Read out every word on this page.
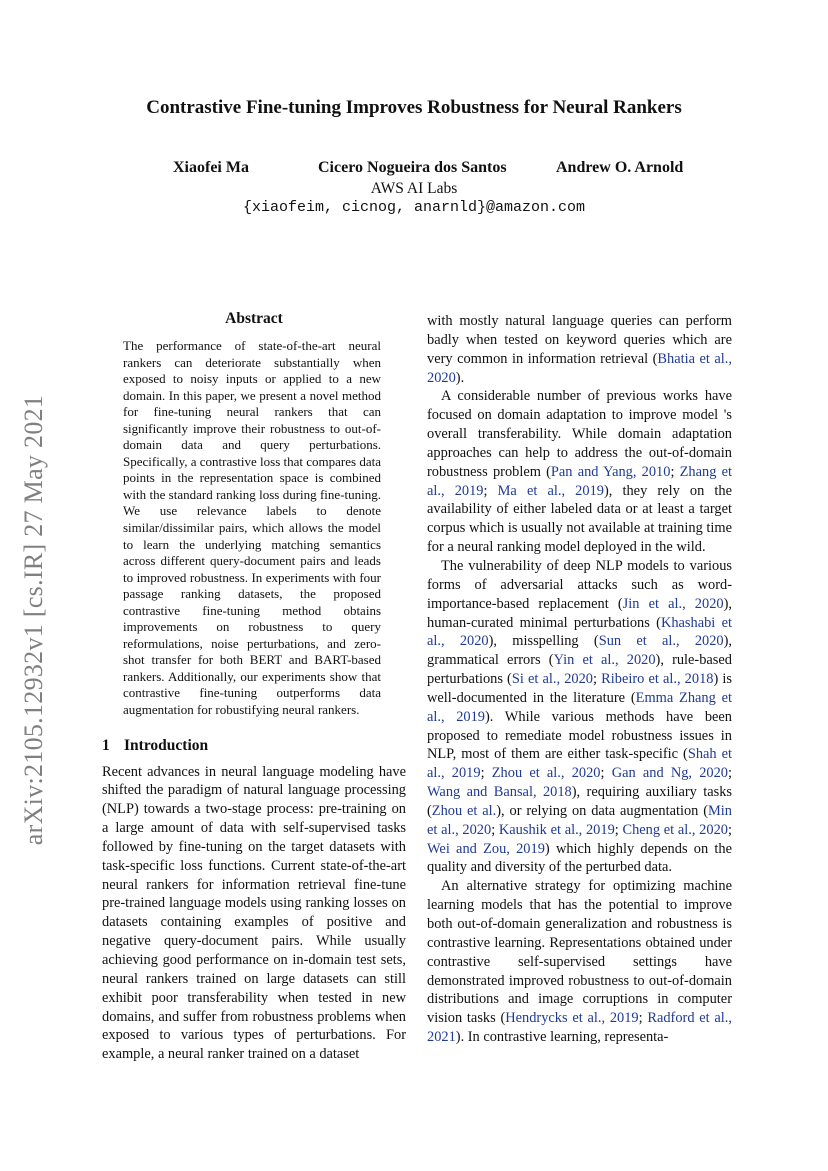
arXiv:2105.12932v1 [cs.IR] 27 May 2021
Contrastive Fine-tuning Improves Robustness for Neural Rankers
Xiaofei Ma	Cicero Nogueira dos Santos	Andrew O. Arnold
AWS AI Labs
{xiaofeim, cicnog, anarnld}@amazon.com
Abstract

The performance of state-of-the-art neural rankers can deteriorate substantially when exposed to noisy inputs or applied to a new domain. In this paper, we present a novel method for fine-tuning neural rankers that can significantly improve their robustness to out-of-domain data and query perturbations. Specifically, a contrastive loss that compares data points in the representation space is combined with the standard ranking loss during fine-tuning. We use relevance labels to denote similar/dissimilar pairs, which allows the model to learn the underlying matching semantics across different query-document pairs and leads to improved robustness. In experiments with four passage ranking datasets, the proposed contrastive fine-tuning method obtains improvements on robustness to query reformulations, noise perturbations, and zero-shot transfer for both BERT and BART-based rankers. Additionally, our experiments show that contrastive fine-tuning outperforms data augmentation for robustifying neural rankers.

1 Introduction

Recent advances in neural language modeling have shifted the paradigm of natural language processing (NLP) towards a two-stage process: pre-training on a large amount of data with self-supervised tasks followed by fine-tuning on the target datasets with task-specific loss functions. Current state-of-the-art neural rankers for information retrieval fine-tune pre-trained language models using ranking losses on datasets containing examples of positive and negative query-document pairs. While usually achieving good performance on in-domain test sets, neural rankers trained on large datasets can still exhibit poor transferability when tested in new domains, and suffer from robustness problems when exposed to various types of perturbations. For example, a neural ranker trained on a dataset

with mostly natural language queries can perform badly when tested on keyword queries which are very common in information retrieval (Bhatia et al., 2020).

A considerable number of previous works have focused on domain adaptation to improve model 's overall transferability. While domain adaptation approaches can help to address the out-of-domain robustness problem (Pan and Yang, 2010; Zhang et al., 2019; Ma et al., 2019), they rely on the availability of either labeled data or at least a target corpus which is usually not available at training time for a neural ranking model deployed in the wild.

The vulnerability of deep NLP models to various forms of adversarial attacks such as word-importance-based replacement (Jin et al., 2020), human-curated minimal perturbations (Khashabi et al., 2020), misspelling (Sun et al., 2020), grammatical errors (Yin et al., 2020), rule-based perturbations (Si et al., 2020; Ribeiro et al., 2018) is well-documented in the literature (Emma Zhang et al., 2019). While various methods have been proposed to remediate model robustness issues in NLP, most of them are either task-specific (Shah et al., 2019; Zhou et al., 2020; Gan and Ng, 2020; Wang and Bansal, 2018), requiring auxiliary tasks (Zhou et al.), or relying on data augmentation (Min et al., 2020; Kaushik et al., 2019; Cheng et al., 2020; Wei and Zou, 2019) which highly depends on the quality and diversity of the perturbed data.

An alternative strategy for optimizing machine learning models that has the potential to improve both out-of-domain generalization and robustness is contrastive learning. Representations obtained under contrastive self-supervised settings have demonstrated improved robustness to out-of-domain distributions and image corruptions in computer vision tasks (Hendrycks et al., 2019; Radford et al., 2021). In contrastive learning, representa-
